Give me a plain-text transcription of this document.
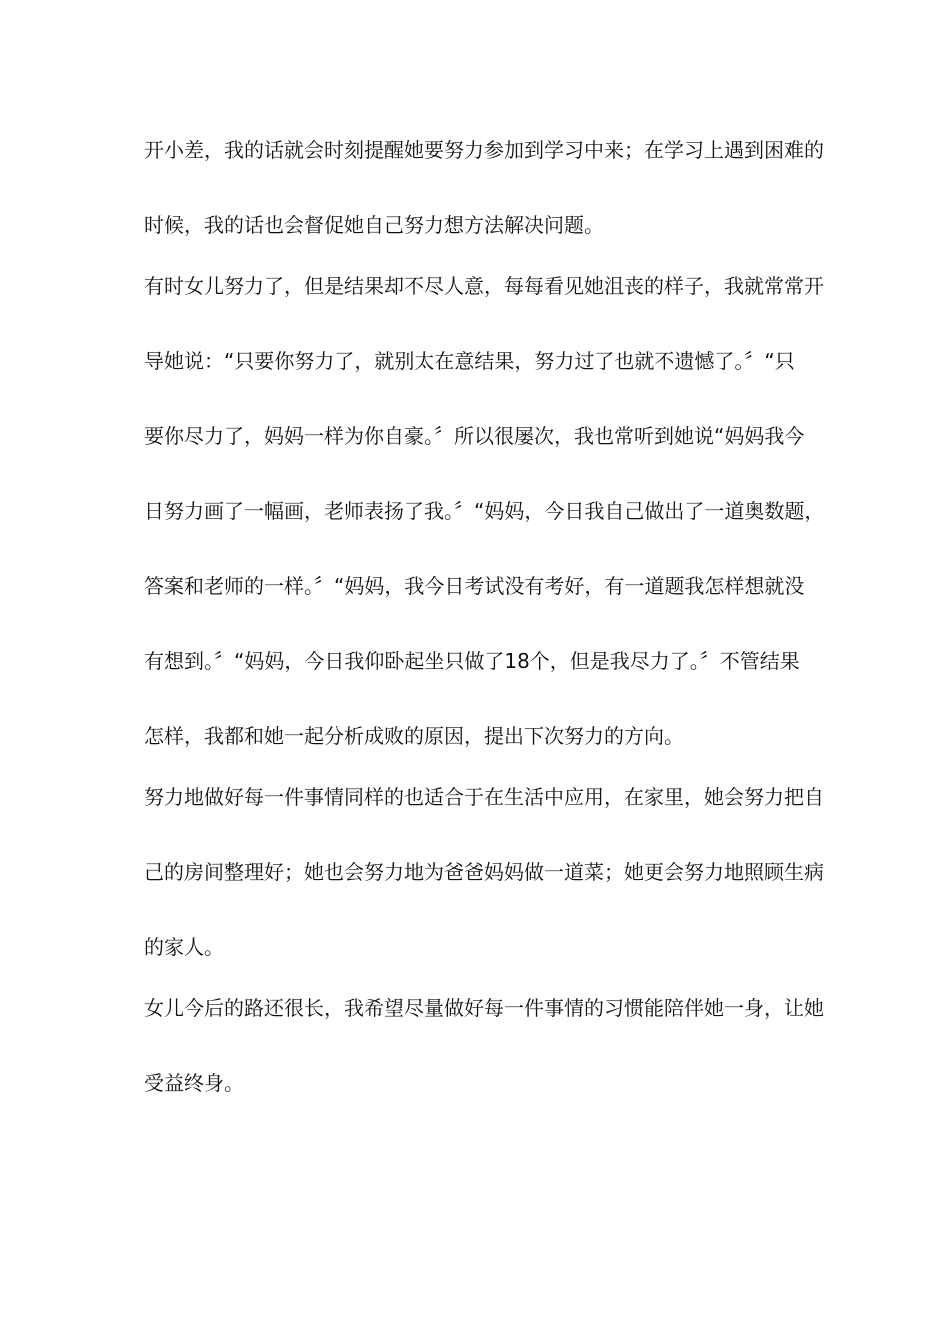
开小差，我的话就会时刻提醒她要努力参加到学习中来；在学习上遇到困难的
时候，我的话也会督促她自己努力想方法解决问题。
有时女儿努力了，但是结果却不尽人意，每每看见她沮丧的样子，我就常常开
导她说：“只要你努力了，就别太在意结果，努力过了也就不遗憾了。〞“只
要你尽力了，妈妈一样为你自豪。〞所以很屡次，我也常听到她说“妈妈我今
日努力画了一幅画，老师表扬了我。〞“妈妈，今日我自己做出了一道奥数题，
答案和老师的一样。〞“妈妈，我今日考试没有考好，有一道题我怎样想就没
有想到。〞“妈妈，今日我仰卧起坐只做了18个，但是我尽力了。〞不管结果
怎样，我都和她一起分析成败的原因，提出下次努力的方向。
努力地做好每一件事情同样的也适合于在生活中应用，在家里，她会努力把自
己的房间整理好；她也会努力地为爸爸妈妈做一道菜；她更会努力地照顾生病
的家人。
女儿今后的路还很长，我希望尽量做好每一件事情的习惯能陪伴她一身，让她
受益终身。
